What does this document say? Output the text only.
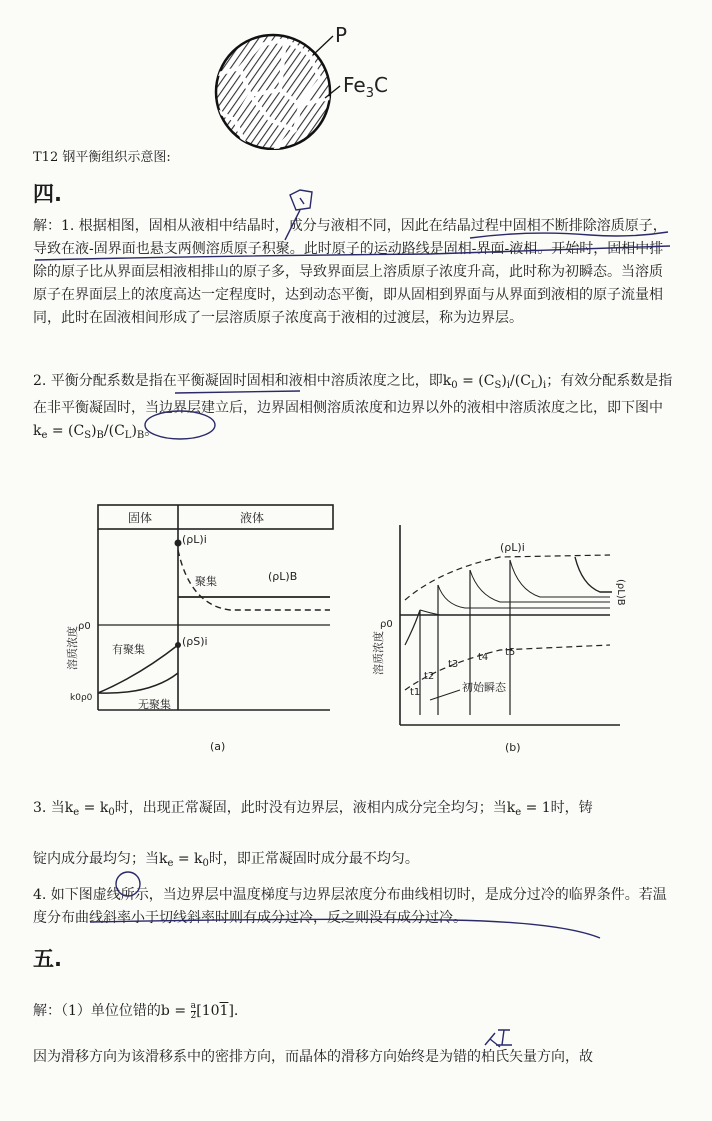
P
$Fe_3C$
T12 钢平衡组织示意图:
四.

解：1. 根据相图，固相从液相中结晶时，成分与液相不同，因此在结晶过程中固相不断排除溶质原子，导致在液-固界面也悬支两侧溶质原子积聚。此时原子的运动路线是固相-界面-液相。开始时，固相中排除的原子比从界面层相液相排山的原子多，导致界面层上溶质原子浓度升高，此时称为初瞬态。当溶质原子在界面层上的浓度高达一定程度时，达到动态平衡，即从固相到界面与从界面到液相的原子流量相同，此时在固液相间形成了一层溶质原子浓度高于液相的过渡层，称为边界层。

2. 平衡分配系数是指在平衡凝固时固相和液相中溶质浓度之比，即$k_0 = (C_S)_i/(C_L)_i$；有效分配系数是指在非平衡凝固时，当边界层建立后，边界固相侧溶质浓度和边界以外的液相中溶质浓度之比，即下图中$k_e = (C_S)_B/(C_L)_B$。

固体	液体
(ρL)i
(ρL)B
ρ0
聚集
有聚集
(ρS)i
k0ρ0	无聚集
溶质浓度
(a)
(ρL)i
(ρL)B
ρ0
t1
t2
t3
t4 t5
初始瞬态
溶质浓度
(b)

3. 当$k_e = k_0$时，出现正常凝固，此时没有边界层，液相内成分完全均匀；当$k_e = 1$时，铸

锭内成分最均匀；当$k_e = k_0$时，即正常凝固时成分最不均匀。

4. 如下图虚线所示，当边界层中温度梯度与边界层浓度分布曲线相切时，是成分过冷的临界条件。若温度分布曲线斜率小于切线斜率时则有成分过冷，反之则没有成分过冷。

五.

解：（1）单位位错的$b = \frac{a}{2} [101]$.

因为滑移方向为该滑移系中的密排方向，而晶体的滑移方向始终是为错的柏氏矢量方向，故
